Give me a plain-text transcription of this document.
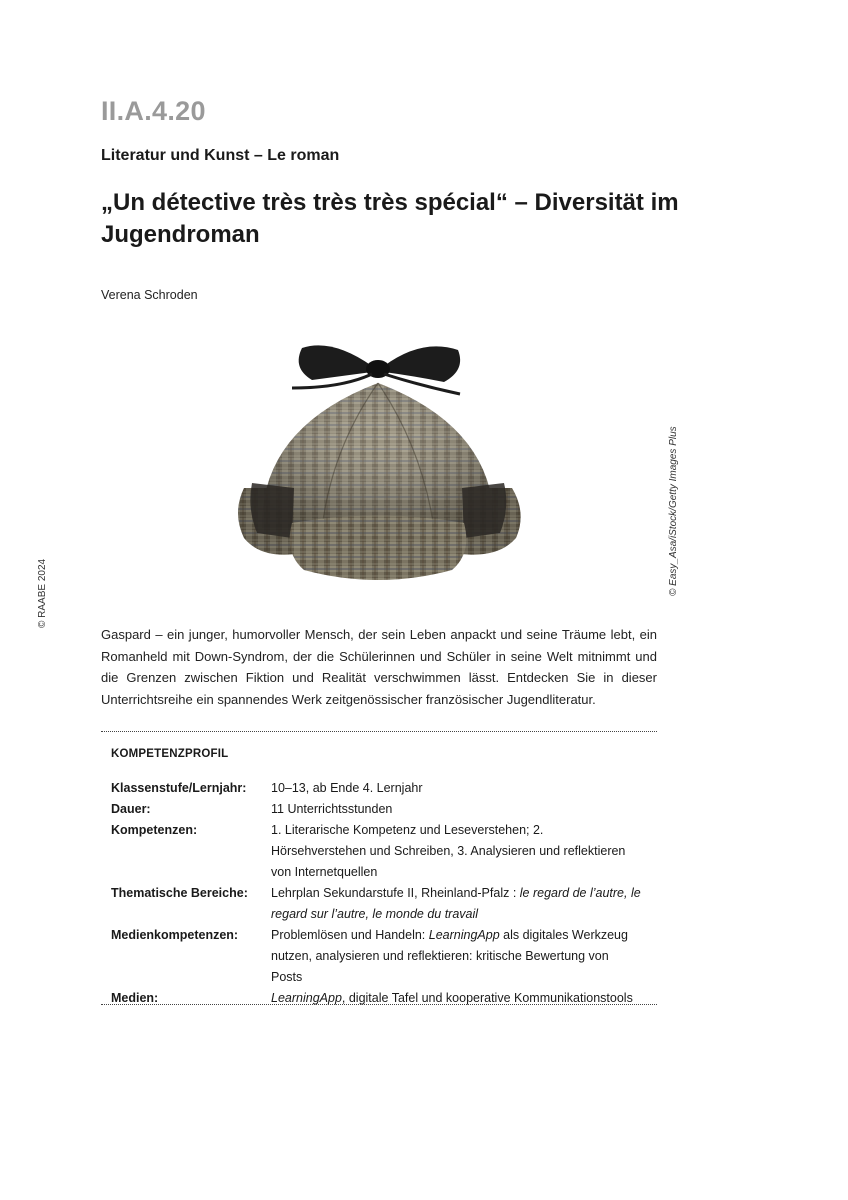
II.A.4.20
Literatur und Kunst – Le roman
„Un détective très très très spécial“ – Diversität im Jugendroman
Verena Schroden
© Easy_Asa/iStock/Getty Images Plus
© RAABE 2024
Gaspard – ein junger, humorvoller Mensch, der sein Leben anpackt und seine Träume lebt, ein Romanheld mit Down-Syndrom, der die Schülerinnen und Schüler in seine Welt mitnimmt und die Grenzen zwischen Fiktion und Realität verschwimmen lässt. Entdecken Sie in dieser Unterrichtsreihe ein spannendes Werk zeitgenössischer französischer Jugendliteratur.
KOMPETENZPROFIL
Klassenstufe/Lernjahr:	10–13, ab Ende 4. Lernjahr
Dauer:	11 Unterrichtsstunden
Kompetenzen:	1. Literarische Kompetenz und Leseverstehen; 2. Hörsehverstehen und Schreiben, 3. Analysieren und reflektieren von Internetquellen
Thematische Bereiche:	Lehrplan Sekundarstufe II, Rheinland-Pfalz : le regard de l’autre, le regard sur l’autre, le monde du travail
Medienkompetenzen:	Problemlösen und Handeln: LearningApp als digitales Werkzeug nutzen, analysieren und reflektieren: kritische Bewertung von Posts
Medien:	LearningApp, digitale Tafel und kooperative Kommunikationstools
